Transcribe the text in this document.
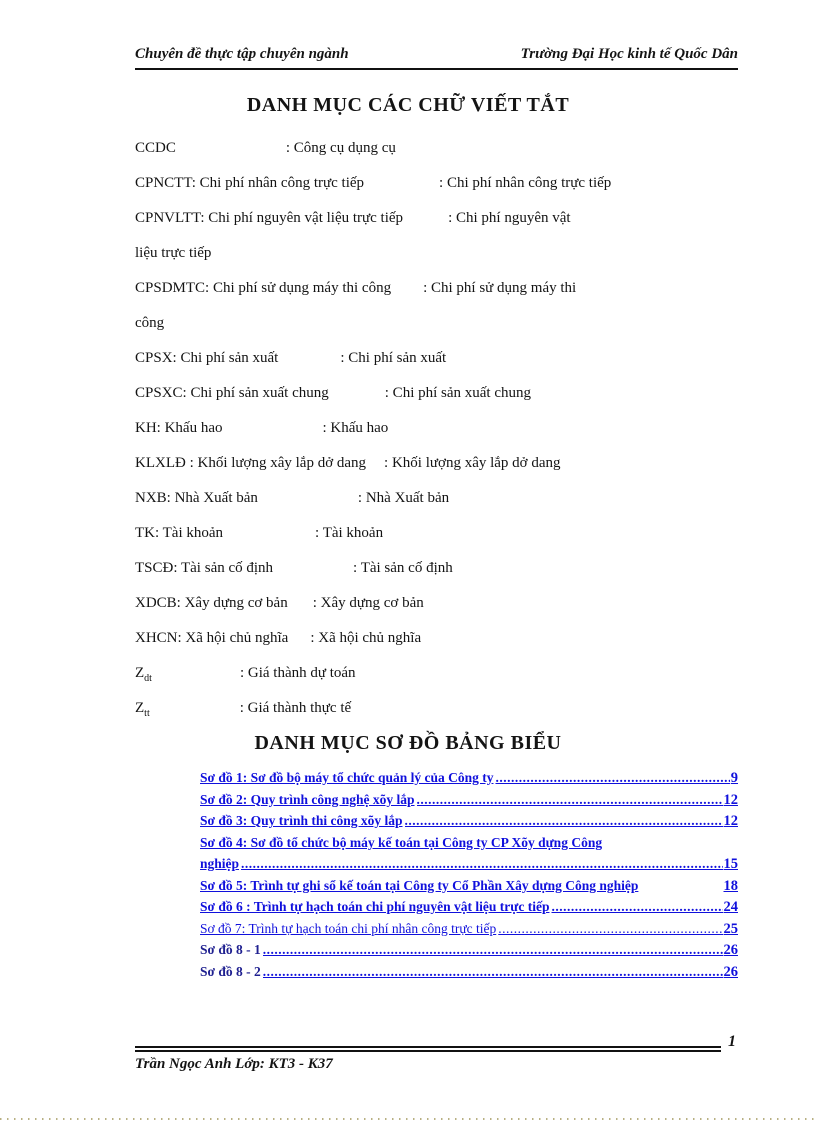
Chuyên đề thực tập chuyên ngành	Trường Đại Học kinh tế Quốc Dân
DANH MỤC CÁC CHỮ VIẾT TẮT
CCDC	: Công cụ dụng cụ
CPNCTT: Chi phí nhân công trực tiếp	: Chi phí nhân công trực tiếp
CPNVLTT: Chi phí nguyên vật liệu trực tiếp	: Chi phí nguyên vật
liệu trực tiếp
CPSDMTC: Chi phí sử dụng máy thi công : Chi phí sử dụng máy thi
công
CPSX: Chi phí sản xuất	: Chi phí sản xuất
CPSXC: Chi phí sản xuất chung	: Chi phí sản xuất chung
KH: Khấu hao	: Khấu hao
KLXLĐ : Khối lượng xây lắp dở dang : Khối lượng xây lắp dở dang
NXB: Nhà Xuất bản	: Nhà Xuất bản
TK: Tài khoản	: Tài khoản
TSCĐ: Tài sản cố định	: Tài sản cố định
XDCB: Xây dựng cơ bản : Xây dựng cơ bản
XHCN: Xã hội chủ nghĩa : Xã hội chủ nghĩa
$Z_{dt}$	: Giá thành dự toán
$Z_{tt}$	: Giá thành thực tế
DANH MỤC SƠ ĐỒ BẢNG BIỂU
Sơ đồ 1: Sơ đồ bộ máy tổ chức quản lý của Công ty .....	9
Sơ đồ 2: Quy trình công nghệ xõy lắp .....	12
Sơ đồ 3: Quy trình thi công xõy lắp .....	12
Sơ đồ 4: Sơ đồ tổ chức bộ máy kế toán tại Công ty CP Xõy dựng Công
nghiệp .....	15
Sơ đồ 5: Trình tự ghi sổ kế toán tại Công ty Cổ Phần Xây dựng Công nghiệp	18
Sơ đồ 6 : Trình tự hạch toán chi phí nguyên vật liệu trực tiếp .....	24
Sơ đồ 7: Trình tự hạch toán chi phí nhân công trực tiếp .....	25
Sơ đồ 8 - 1 .....	26
Sơ đồ 8 - 2 .....	26
1
Trần Ngọc Anh Lớp: KT3 - K37
